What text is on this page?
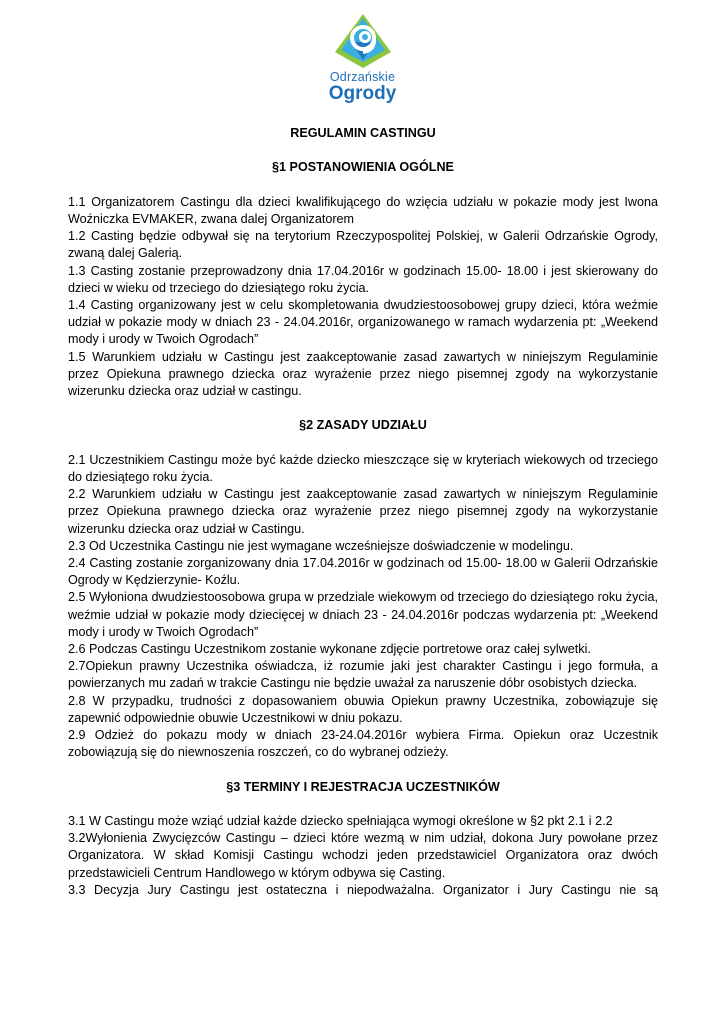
Odrzańskie
Ogrody
REGULAMIN CASTINGU
§1 POSTANOWIENIA OGÓLNE

1.1 Organizatorem Castingu dla dzieci kwalifikującego do wzięcia udziału w pokazie mody jest Iwona Woźniczka EVMAKER, zwana dalej Organizatorem

1.2 Casting będzie odbywał się na terytorium Rzeczypospolitej Polskiej, w Galerii Odrzańskie Ogrody, zwaną dalej Galerią.

1.3 Casting zostanie przeprowadzony dnia 17.04.2016r w godzinach 15.00- 18.00 i jest skierowany do dzieci w wieku od trzeciego do dziesiątego roku życia.

1.4 Casting organizowany jest w celu skompletowania dwudziestoosobowej grupy dzieci, która weźmie udział w pokazie mody w dniach 23 - 24.04.2016r, organizowanego w ramach wydarzenia pt: „Weekend mody i urody w Twoich Ogrodach”

1.5 Warunkiem udziału w Castingu jest zaakceptowanie zasad zawartych w niniejszym Regulaminie przez Opiekuna prawnego dziecka oraz wyrażenie przez niego pisemnej zgody na wykorzystanie wizerunku dziecka oraz udział w castingu.

§2 ZASADY UDZIAŁU

2.1 Uczestnikiem Castingu może być każde dziecko mieszczące się w kryteriach wiekowych od trzeciego do dziesiątego roku życia.

2.2 Warunkiem udziału w Castingu jest zaakceptowanie zasad zawartych w niniejszym Regulaminie przez Opiekuna prawnego dziecka oraz wyrażenie przez niego pisemnej zgody na wykorzystanie wizerunku dziecka oraz udział w Castingu.

2.3 Od Uczestnika Castingu nie jest wymagane wcześniejsze doświadczenie w modelingu.

2.4 Casting zostanie zorganizowany dnia 17.04.2016r w godzinach od 15.00- 18.00 w Galerii Odrzańskie Ogrody w Kędzierzynie- Koźlu.

2.5 Wyłoniona dwudziestoosobowa grupa w przedziale wiekowym od trzeciego do dziesiątego roku życia, weźmie udział w pokazie mody dziecięcej w dniach 23 - 24.04.2016r podczas wydarzenia pt: „Weekend mody i urody w Twoich Ogrodach”

2.6 Podczas Castingu Uczestnikom zostanie wykonane zdjęcie portretowe oraz całej sylwetki.

2.7Opiekun prawny Uczestnika oświadcza, iż rozumie jaki jest charakter Castingu i jego formuła, a powierzanych mu zadań w trakcie Castingu nie będzie uważał za naruszenie dóbr osobistych dziecka.

2.8 W przypadku, trudności z dopasowaniem obuwia Opiekun prawny Uczestnika, zobowiązuje się zapewnić odpowiednie obuwie Uczestnikowi w dniu pokazu.

2.9 Odzież do pokazu mody w dniach 23-24.04.2016r wybiera Firma. Opiekun oraz Uczestnik zobowiązują się do niewnoszenia roszczeń, co do wybranej odzieży.

§3 TERMINY I REJESTRACJA UCZESTNIKÓW

3.1 W Castingu może wziąć udział każde dziecko spełniająca wymogi określone w §2 pkt 2.1 i 2.2

3.2Wyłonienia Zwycięzców Castingu – dzieci które wezmą w nim udział, dokona Jury powołane przez Organizatora. W skład Komisji Castingu wchodzi jeden przedstawiciel Organizatora oraz dwóch przedstawicieli Centrum Handlowego w którym odbywa się Casting.

3.3 Decyzja Jury Castingu jest ostateczna i niepodważalna. Organizator i Jury Castingu nie są
